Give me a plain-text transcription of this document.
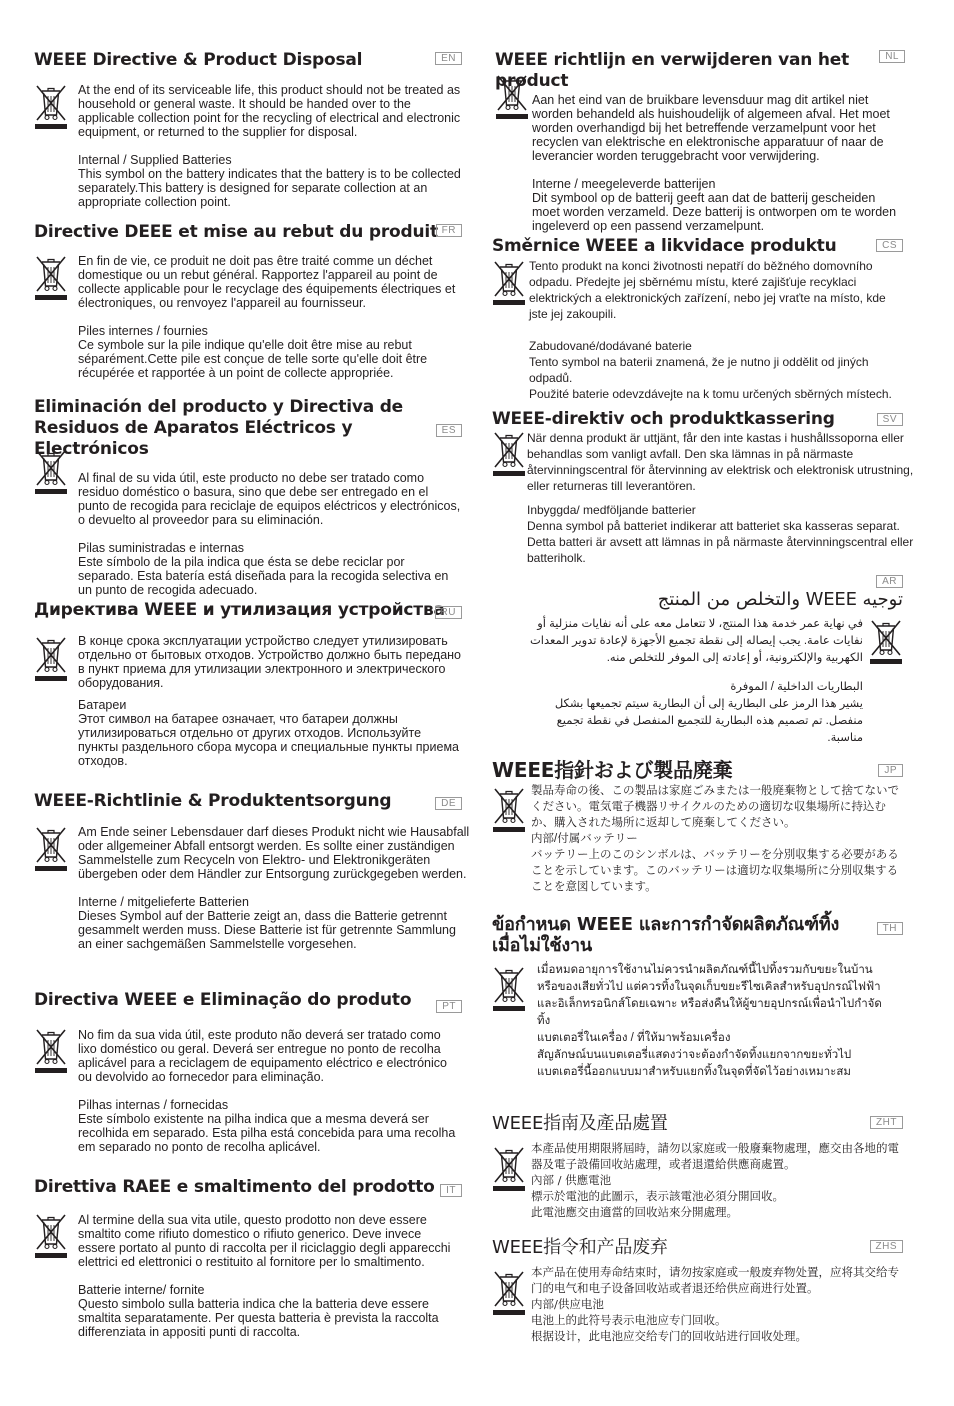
WEEE Directive & Product Disposal	EN

At the end of its serviceable life, this product should not be treated as household or general waste. It should be handed over to the applicable collection point for the recycling of electrical and electronic equipment, or returned to the supplier for disposal.

Internal / Supplied Batteries

This symbol on the battery indicates that the battery is to be collected separately.This battery is designed for separate collection at an appropriate collection point.

Directive DEEE et mise au rebut du produit FR

En fin de vie, ce produit ne doit pas être traité comme un déchet domestique ou un rebut général. Rapportez l'appareil au point de collecte applicable pour le recyclage des équipements électriques et électroniques, ou renvoyez l'appareil au fournisseur.

Piles internes / fournies

Ce symbole sur la pile indique qu'elle doit être mise au rebut séparément.Cette pile est conçue de telle sorte qu'elle doit être récupérée et rapportée à un point de collecte appropriée.

Eliminación del producto y Directiva de Residuos de Aparatos Eléctricos y Electrónicos
ES

Al final de su vida útil, este producto no debe ser tratado como residuo doméstico o basura, sino que debe ser entregado en el punto de recogida para reciclaje de equipos eléctricos y electrónicos, o devuelto al proveedor para su eliminación.

Pilas suministradas e internas

Este símbolo de la pila indica que ésta se debe reciclar por separado. Esta batería está diseñada para la recogida selectiva en un punto de recogida adecuado.

Директива WEEE и утилизация устройства
RU

В конце срока эксплуатации устройство следует утилизировать отдельно от бытовых отходов. Устройство должно быть передано в пункт приема для утилизации электронного и электрического оборудования.

Батареи

Этот символ на батарее означает, что батареи должны утилизироваться отдельно от других отходов. Используйте пункты раздельного сбора мусора и специальные пункты приема отходов.

WEEE-Richtlinie & Produktentsorgung	DE

Am Ende seiner Lebensdauer darf dieses Produkt nicht wie Hausabfall oder allgemeiner Abfall entsorgt werden. Es sollte einer zuständigen Sammelstelle zum Recyceln von Elektro- und Elektronikgeräten übergeben oder dem Händler zur Entsorgung zurückgegeben werden.

Interne / mitgelieferte Batterien

Dieses Symbol auf der Batterie zeigt an, dass die Batterie getrennt gesammelt werden muss. Diese Batterie ist für getrennte Sammlung an einer sachgemäßen Sammelstelle vorgesehen.

Directiva WEEE e Eliminação do produto	PT

No fim da sua vida útil, este produto não deverá ser tratado como lixo doméstico ou geral. Deverá ser entregue no ponto de recolha aplicável para a reciclagem de equipamento eléctrico e electrónico ou devolvido ao fornecedor para eliminação.

Pilhas internas / fornecidas

Este símbolo existente na pilha indica que a mesma deverá ser recolhida em separado. Esta pilha está concebida para uma recolha em separado no ponto de recolha aplicável.

Direttiva RAEE e smaltimento del prodotto	IT

Al termine della sua vita utile, questo prodotto non deve essere smaltito come rifiuto domestico o rifiuto generico. Deve invece essere portato al punto di raccolta per il riciclaggio degli apparecchi elettrici ed elettronici o restituito al fornitore per lo smaltimento.

Batterie interne/ fornite

Questo simbolo sulla batteria indica che la batteria deve essere smaltita separatamente. Per questa batteria è prevista la raccolta differenziata in appositi punti di raccolta.

WEEE richtlijn en verwijderen van het product
NL

Aan het eind van de bruikbare levensduur mag dit artikel niet worden behandeld als huishoudelijk of algemeen afval. Het moet worden overhandigd bij het betreffende verzamelpunt voor het recyclen van elektrische en elektronische apparatuur of naar de leverancier worden teruggebracht voor verwijdering.

Interne / meegeleverde batterijen

Dit symbool op de batterij geeft aan dat de batterij gescheiden moet worden verzameld. Deze batterij is ontworpen om te worden ingeleverd op een passend verzamelpunt.

Směrnice WEEE a likvidace produktu	CS

Tento produkt na konci životnosti nepatří do běžného domovního odpadu. Předejte jej sběrnému místu, které zajišťuje recyklaci elektrických a elektronických zařízení, nebo jej vraťte na místo, kde jste jej zakoupili.

Zabudované/dodávané baterie

Tento symbol na baterii znamená, že je nutno ji oddělit od jiných odpadů.

Použité baterie odevzdávejte na k tomu určených sběrných místech.

WEEE-direktiv och produktkassering	SV

När denna produkt är uttjänt, får den inte kastas i hushållssoporna eller behandlas som vanligt avfall. Den ska lämnas in på närmaste återvinningscentral för återvinning av elektrisk och elektronisk utrustning, eller returneras till leverantören.

Inbyggda/ medföljande batterier

Denna symbol på batteriet indikerar att batteriet ska kasseras separat. Detta batteri är avsett att lämnas in på närmaste återvinningscentral eller batteriholk.

AR
توجيه WEEE والتخلص من المنتج

في نهاية عمر خدمة هذا المنتج، لا تتعامل معه على أنه نفايات منزلية أو نفايات عامة. يجب إيصاله إلى نقطة تجميع الأجهزة لإعادة تدوير المعدات الكهربية والإلكترونية، أو إعادته إلى الموفر للتخلص منه.

البطاريات الداخلية / الموفرة

يشير هذا الرمز على البطارية إلى أن البطارية سيتم تجميعها بشكل منفصل. تم تصميم هذه البطارية للتجميع المنفصل في نقطة تجميع مناسبة.

WEEE指針および製品廃棄	JP

製品寿命の後、この製品は家庭ごみまたは一般廃棄物として捨てないでください。電気電子機器リサイクルのための適切な収集場所に持込むか、購入された場所に返却して廃棄してください。

内部/付属バッテリー

バッテリー上のこのシンボルは、バッテリーを分別収集する必要があることを示しています。このバッテリーは適切な収集場所に分別収集することを意図しています。

ข้อกำหนด WEEE และการกำจัดผลิตภัณฑ์ทิ้งเมื่อไม่ใช้งาน
TH

เมื่อหมดอายุการใช้งานไม่ควรนำผลิตภัณฑ์นี้ไปทิ้งรวมกับขยะในบ้านหรือของเสียทั่วไป แต่ควรทิ้งในจุดเก็บขยะรีไซเคิลสำหรับอุปกรณ์ไฟฟ้าและอิเล็กทรอนิกส์โดยเฉพาะ หรือส่งคืนให้ผู้ขายอุปกรณ์เพื่อนำไปกำจัดทิ้ง

แบตเตอรี่ในเครื่อง / ที่ให้มาพร้อมเครื่อง

สัญลักษณ์บนแบตเตอรี่แสดงว่าจะต้องกำจัดทิ้งแยกจากขยะทั่วไป แบตเตอรี่นี้ออกแบบมาสำหรับแยกทิ้งในจุดที่จัดไว้อย่างเหมาะสม

WEEE指南及產品處置	ZHT

本產品使用期限將屆時，請勿以家庭或一般廢棄物處理，應交由各地的電器及電子設備回收站處理，或者退還給供應商處置。

內部 / 供應電池

標示於電池的此圖示，表示該電池必須分開回收。

此電池應交由適當的回收站來分開處理。

WEEE指令和产品废弃	ZHS

本产品在使用寿命结束时，请勿按家庭或一般废弃物处置，应将其交给专门的电气和电子设备回收站或者退还给供应商进行处置。

内部/供应电池

电池上的此符号表示电池应专门回收。

根据设计，此电池应交给专门的回收站进行回收处理。
